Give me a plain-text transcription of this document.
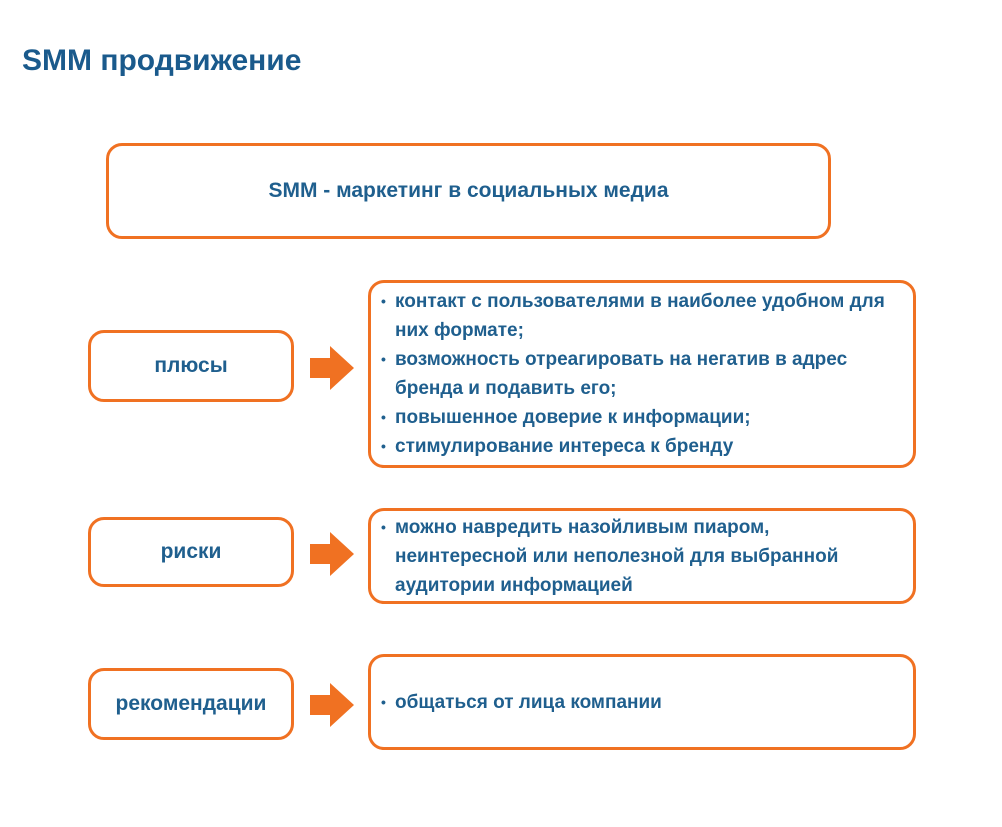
SMM продвижение
SMM - маркетинг в социальных медиа
плюсы
• контакт с пользователями в наиболее удобном для них формате;
• возможность отреагировать на негатив в адрес бренда и подавить его;
• повышенное доверие к информации;
• стимулирование интереса к бренду
риски
• можно навредить назойливым пиаром, неинтересной или неполезной для выбранной аудитории информацией
рекомендации
•	общаться от лица компании
